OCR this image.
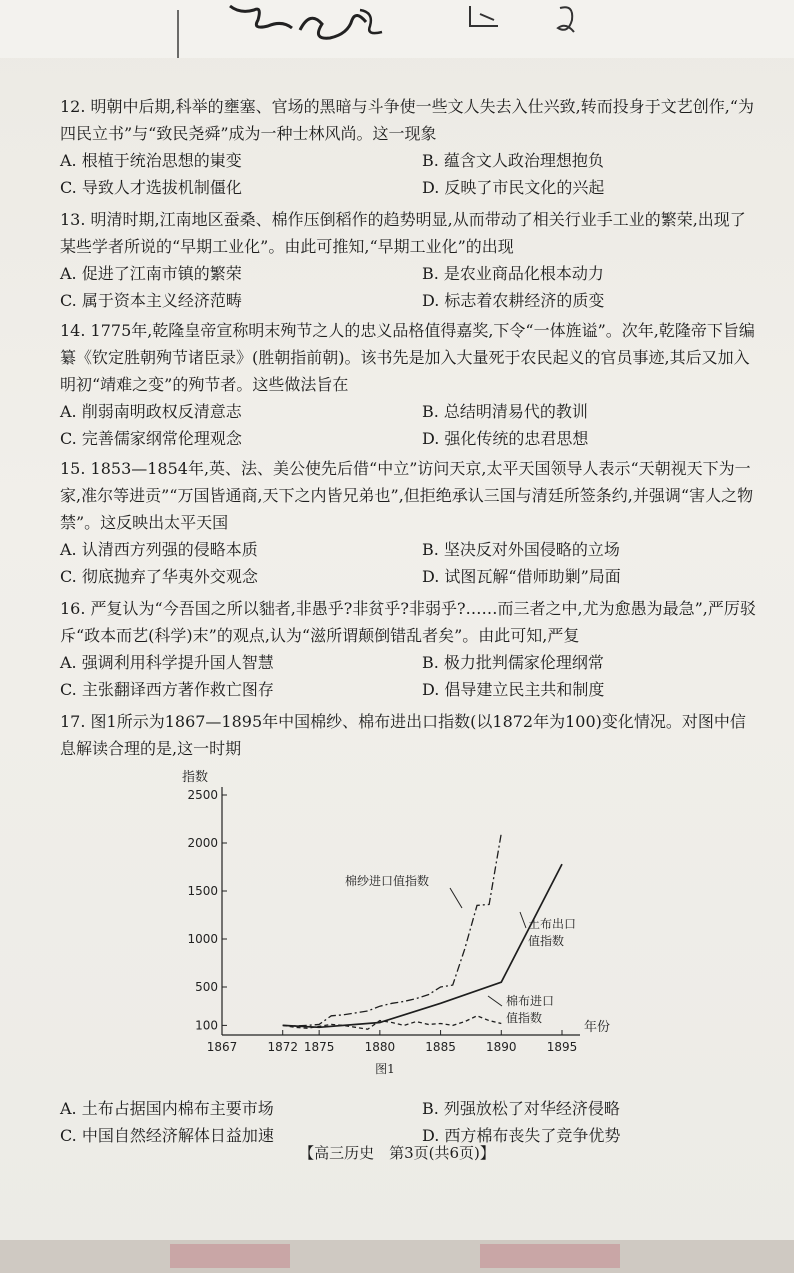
12. 明朝中后期,科举的壅塞、官场的黑暗与斗争使一些文人失去入仕兴致,转而投身于文艺创作,“为四民立书”与“致民尧舜”成为一种士林风尚。这一现象

A. 根植于统治思想的崬变	B. 蕴含文人政治理想抱负
C. 导致人才选拔机制僵化	D. 反映了市民文化的兴起

13. 明清时期,江南地区蚕桑、棉作压倒稻作的趋势明显,从而带动了相关行业手工业的繁荣,出现了某些学者所说的“早期工业化”。由此可推知,“早期工业化”的出现

A. 促进了江南市镇的繁荣	B. 是农业商品化根本动力
C. 属于资本主义经济范畴	D. 标志着农耕经济的质变

14. 1775年,乾隆皇帝宣称明末殉节之人的忠义品格值得嘉奖,下令“一体旌谥”。次年,乾隆帝下旨编纂《钦定胜朝殉节诸臣录》(胜朝指前朝)。该书先是加入大量死于农民起义的官员事迹,其后又加入明初“靖难之变”的殉节者。这些做法旨在

A. 削弱南明政权反清意志	B. 总结明清易代的教训
C. 完善儒家纲常伦理观念	D. 强化传统的忠君思想

15. 1853—1854年,英、法、美公使先后借“中立”访问天京,太平天国领导人表示“天朝视天下为一家,准尔等进贡”“万国皆通商,天下之内皆兄弟也”,但拒绝承认三国与清廷所签条约,并强调“害人之物禁”。这反映出太平天国

A. 认清西方列强的侵略本质	B. 坚决反对外国侵略的立场
C. 彻底抛弃了华夷外交观念	D. 试图瓦解“借师助剿”局面

16. 严复认为“今吾国之所以貀者,非愚乎?非贫乎?非弱乎?……而三者之中,尤为愈愚为最急”,严厉驳斥“政本而艺(科学)末”的观点,认为“滋所谓颠倒错乱者矣”。由此可知,严复

A. 强调利用科学提升国人智慧	B. 极力批判儒家伦理纲常
C. 主张翻译西方著作救亡图存	D. 倡导建立民主共和制度

17. 图1所示为1867—1895年中国棉纱、棉布进出口指数(以1872年为100)变化情况。对图中信息解读合理的是,这一时期

100
500
1000
1500
2000
2500
1867	1872 1875	1880	1885	1890	1895
指数
年份
图1
棉纱进口值指数
土布出口值指数
棉布进口值指数
A. 土布占据国内棉布主要市场	B. 列强放松了对华经济侵略
C. 中国自然经济解体日益加速	D. 西方棉布丧失了竞争优势
【高三历史　第3页(共6页)】
